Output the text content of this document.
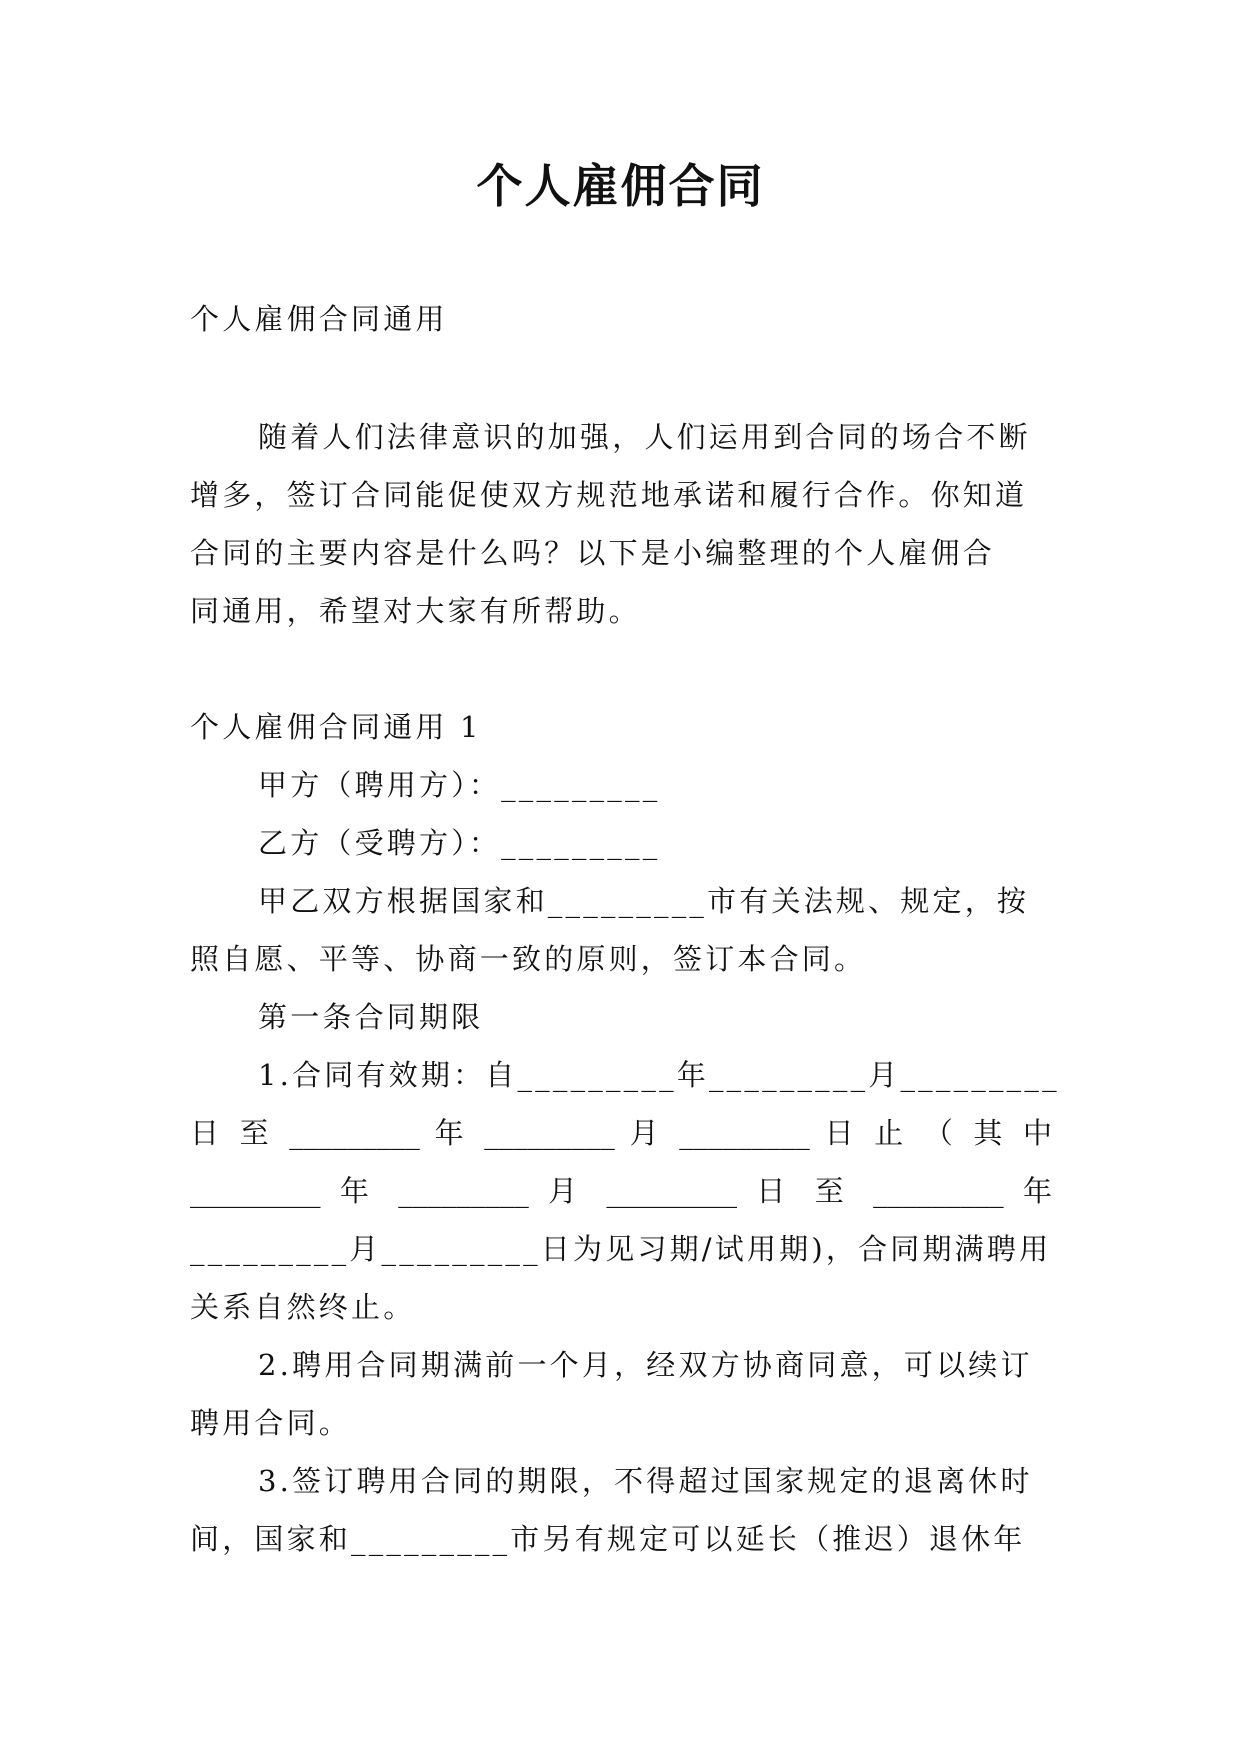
个人雇佣合同
个人雇佣合同通用
随着人们法律意识的加强，人们运用到合同的场合不断
增多，签订合同能促使双方规范地承诺和履行合作。你知道
合同的主要内容是什么吗？以下是小编整理的个人雇佣合
同通用，希望对大家有所帮助。
个人雇佣合同通用 1
甲方（聘用方）：_________
乙方（受聘方）：_________
甲乙双方根据国家和_________市有关法规、规定，按
照自愿、平等、协商一致的原则，签订本合同。
第一条合同期限
1.合同有效期：自_________年_________月_________
日 至 _________ 年 _________ 月 _________ 日 止 （ 其 中
_________ 年 _________ 月 _________ 日 至 _________ 年
_________月_________日为见习期/试用期)，合同期满聘用
关系自然终止。
2.聘用合同期满前一个月，经双方协商同意，可以续订
聘用合同。
3.签订聘用合同的期限，不得超过国家规定的退离休时
间，国家和_________市另有规定可以延长（推迟）退休年
